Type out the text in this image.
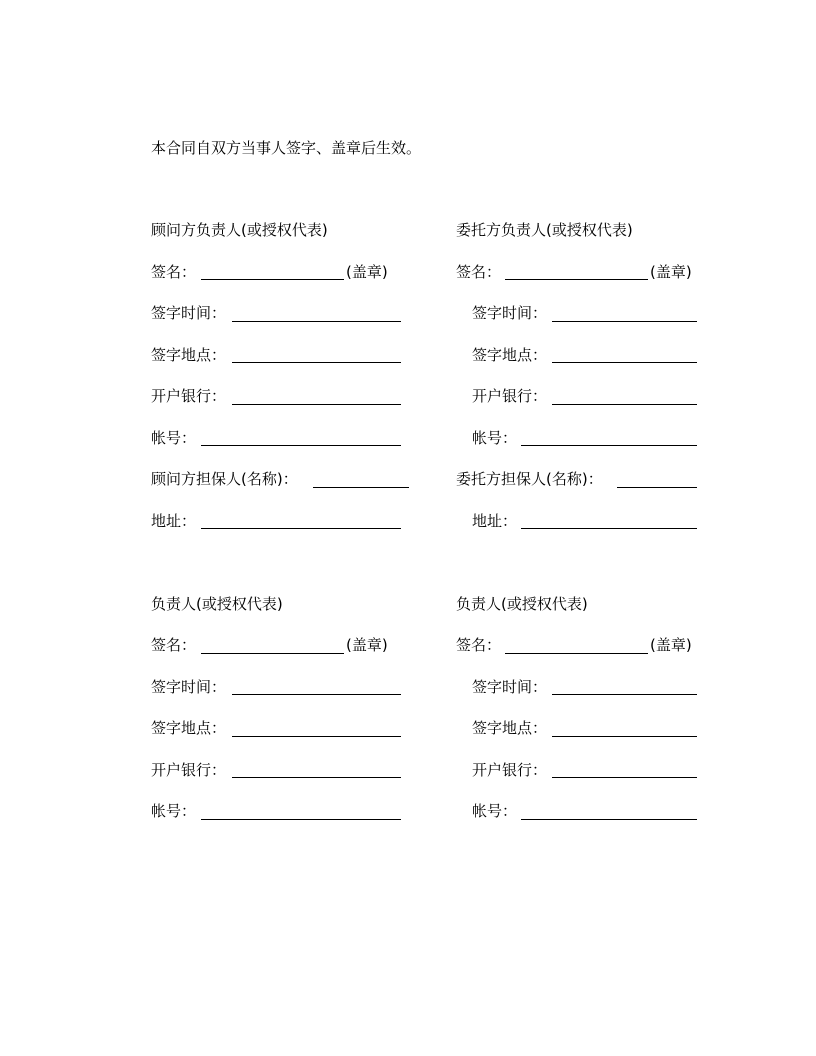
本合同自双方当事人签字、盖章后生效。
顾问方负责人(或授权代表)
签名：	(盖章)
签字时间：
签字地点：
开户银行：
帐号：
顾问方担保人(名称)：
地址：
委托方负责人(或授权代表)
签名：	(盖章)
签字时间：
签字地点：
开户银行：
帐号：
委托方担保人(名称)：
地址：
负责人(或授权代表)
签名：	(盖章)
签字时间：
签字地点：
开户银行：
帐号：
负责人(或授权代表)
签名：	(盖章)
签字时间：
签字地点：
开户银行：
帐号：
